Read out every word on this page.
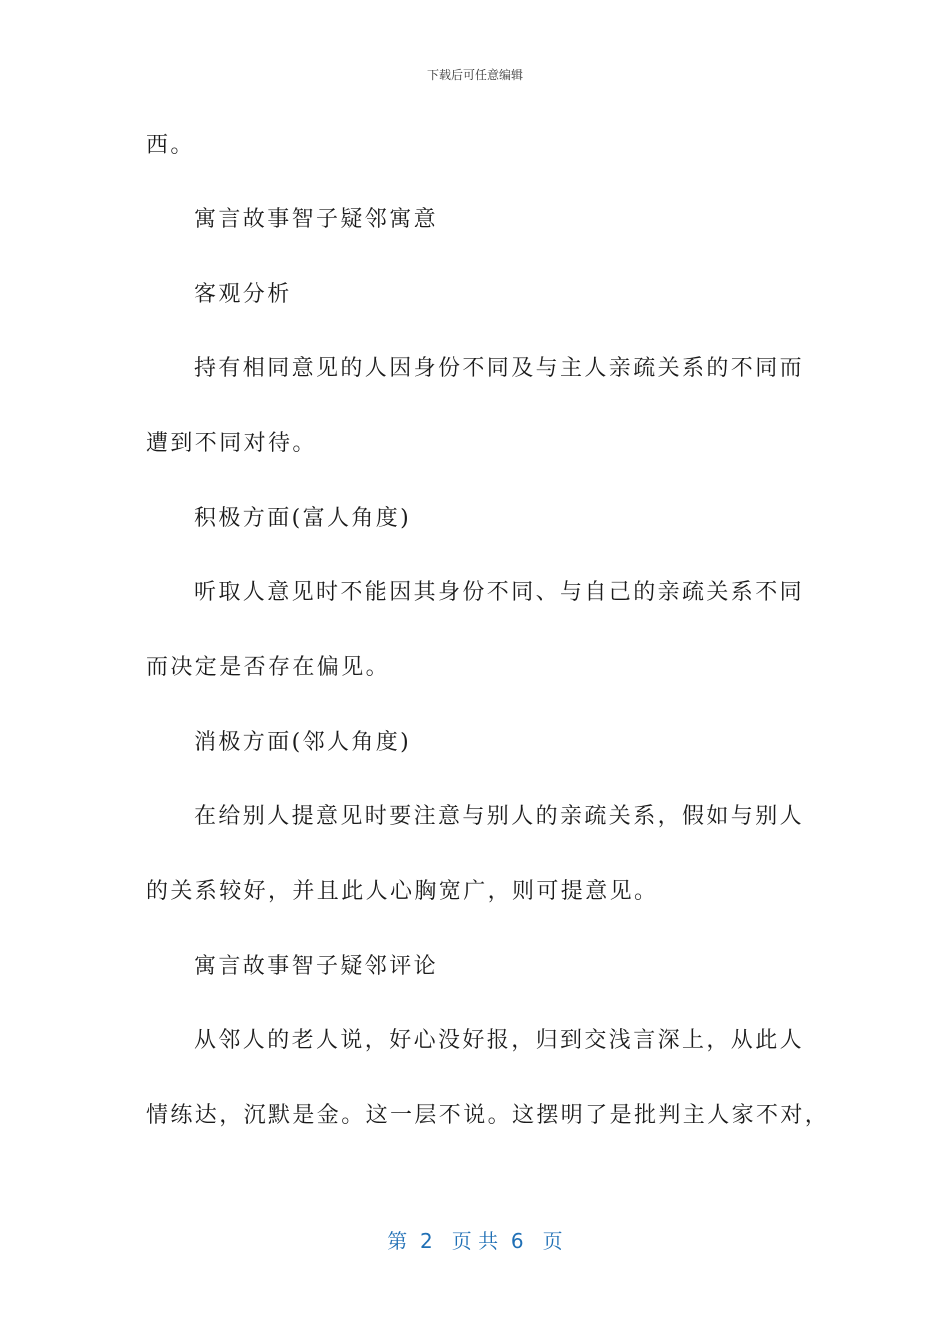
下载后可任意编辑
西。
寓言故事智子疑邻寓意
客观分析
持有相同意见的人因身份不同及与主人亲疏关系的不同而
遭到不同对待。
积极方面(富人角度)
听取人意见时不能因其身份不同、与自己的亲疏关系不同
而决定是否存在偏见。
消极方面(邻人角度)
在给别人提意见时要注意与别人的亲疏关系，假如与别人
的关系较好，并且此人心胸宽广，则可提意见。
寓言故事智子疑邻评论
从邻人的老人说，好心没好报，归到交浅言深上，从此人
情练达，沉默是金。这一层不说。这摆明了是批判主人家不对，
第  2   页 共  6   页
